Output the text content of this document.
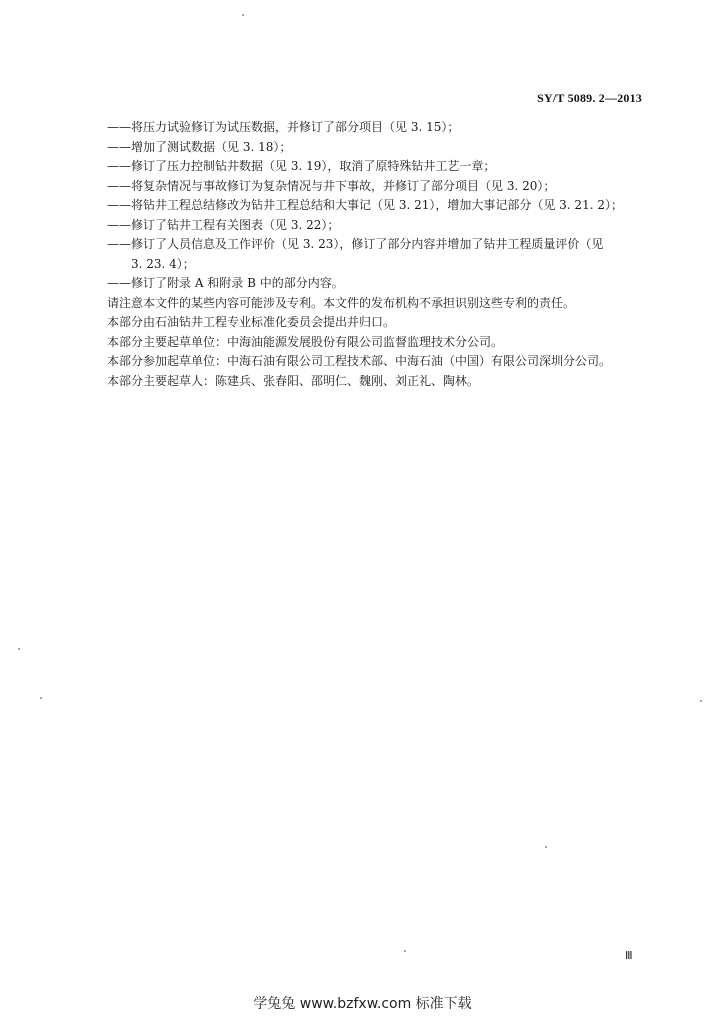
SY/T 5089. 2—2013
——将压力试验修订为试压数据，并修订了部分项目（见 3. 15）；
——增加了测试数据（见 3. 18）；
——修订了压力控制钻井数据（见 3. 19），取消了原特殊钻井工艺一章；
——将复杂情况与事故修订为复杂情况与井下事故，并修订了部分项目（见 3. 20）；
——将钻井工程总结修改为钻井工程总结和大事记（见 3. 21），增加大事记部分（见 3. 21. 2）；
——修订了钻井工程有关图表（见 3. 22）；
——修订了人员信息及工作评价（见 3. 23），修订了部分内容并增加了钻井工程质量评价（见
3. 23. 4）；
——修订了附录 A 和附录 B 中的部分内容。
请注意本文件的某些内容可能涉及专利。本文件的发布机构不承担识别这些专利的责任。
本部分由石油钻井工程专业标准化委员会提出并归口。
本部分主要起草单位：中海油能源发展股份有限公司监督监理技术分公司。
本部分参加起草单位：中海石油有限公司工程技术部、中海石油（中国）有限公司深圳分公司。
本部分主要起草人：陈建兵、张春阳、邵明仁、魏刚、刘正礼、陶林。
Ⅲ
学兔兔 www.bzfxw.com 标准下载
